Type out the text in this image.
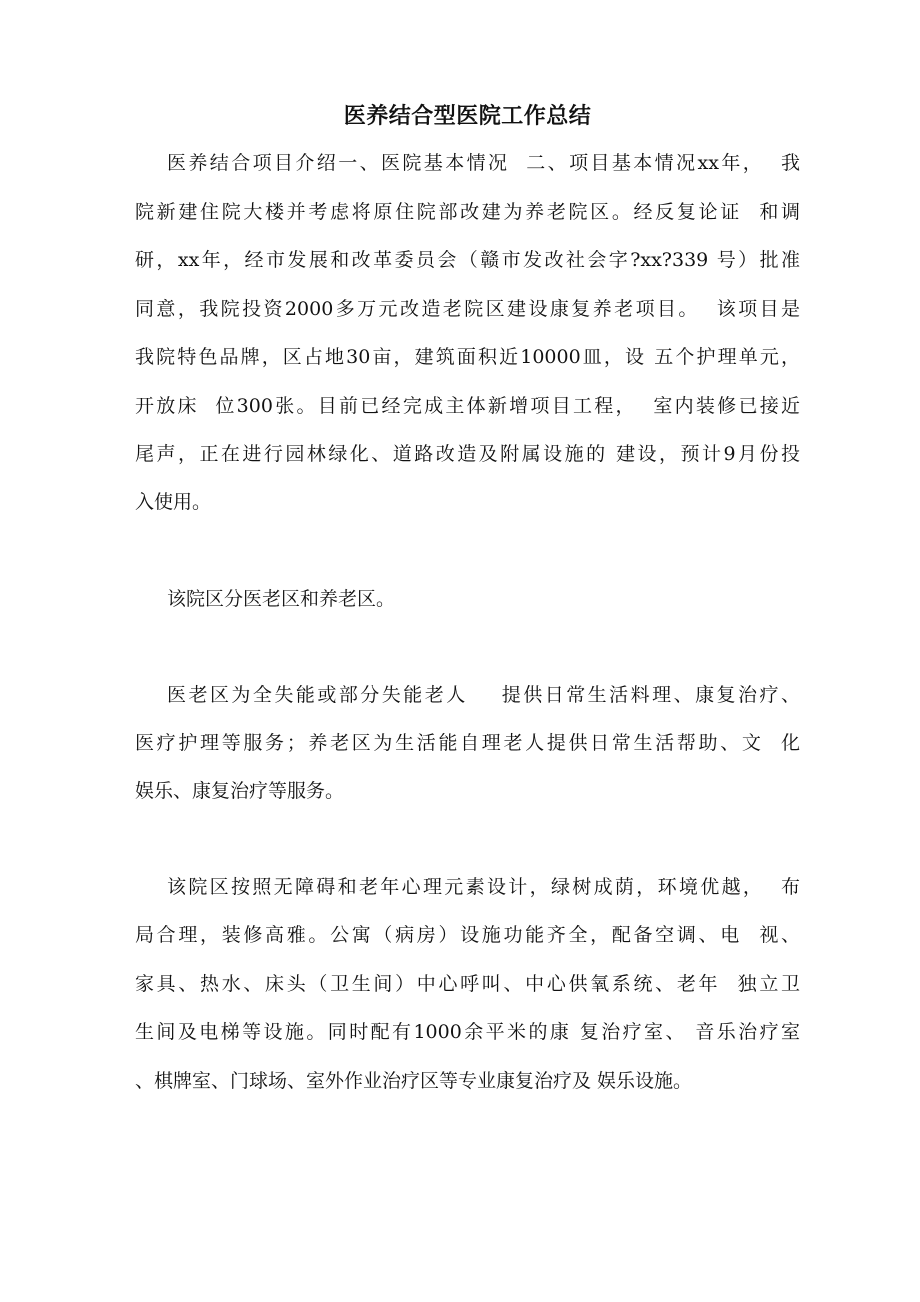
医养结合型医院工作总结

医养结合项目介绍一、医院基本情况  二、项目基本情况xx年，  我

院新建住院大楼并考虑将原住院部改建为养老院区。经反复论证  和调

研，xx年，经市发展和改革委员会（赣市发改社会字?xx?339 号）批准

同意，我院投资2000多万元改造老院区建设康复养老项目。  该项目是

我院特色品牌，区占地30亩，建筑面积近10000皿，设 五个护理单元，

开放床  位300张。目前已经完成主体新增项目工程，  室内装修已接近

尾声，正在进行园林绿化、道路改造及附属设施的 建设，预计9月份投

入使用。

该院区分医老区和养老区。

医老区为全失能或部分失能老人    提供日常生活料理、康复治疗、

医疗护理等服务；养老区为生活能自理老人提供日常生活帮助、文  化

娱乐、康复治疗等服务。

该院区按照无障碍和老年心理元素设计，绿树成荫，环境优越，  布

局合理，装修高雅。公寓（病房）设施功能齐全，配备空调、电  视、

家具、热水、床头（卫生间）中心呼叫、中心供氧系统、老年  独立卫

生间及电梯等设施。同时配有1000余平米的康 复治疗室、 音乐治疗室

、棋牌室、门球场、室外作业治疗区等专业康复治疗及 娱乐设施。
